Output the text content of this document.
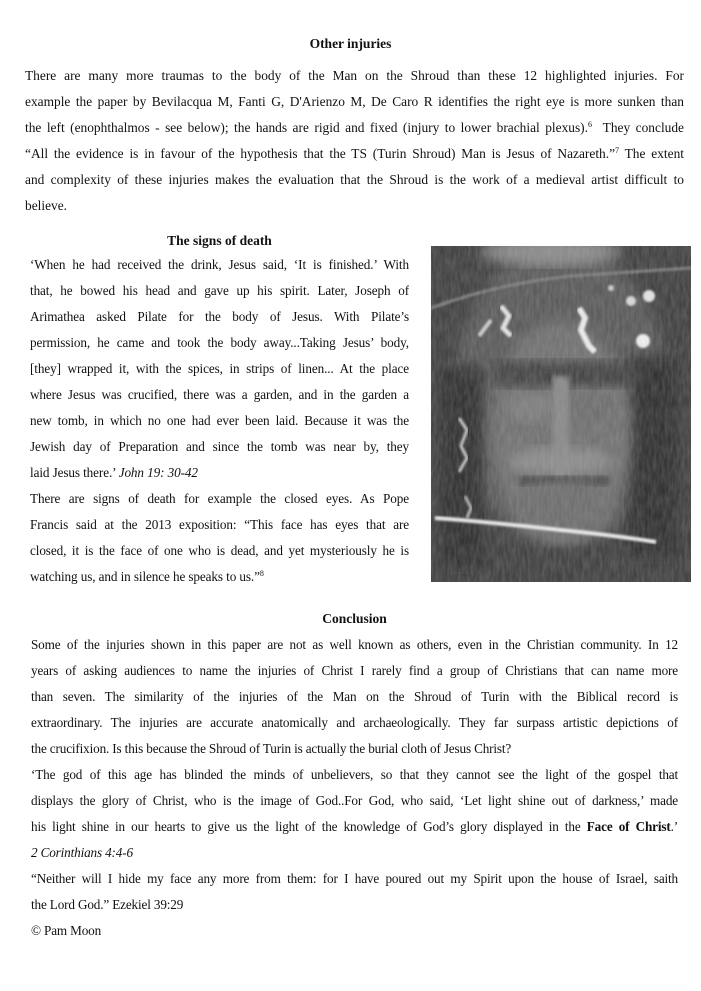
Other injuries
There are many more traumas to the body of the Man on the Shroud than these 12 highlighted injuries. For
example the paper by Bevilacqua M, Fanti G, D'Arienzo M, De Caro R identifies the right eye is more sunken than
the left (enophthalmos - see below); the hands are rigid and fixed (injury to lower brachial plexus).$^6$  They conclude
“All the evidence is in favour of the hypothesis that the TS (Turin Shroud) Man is Jesus of Nazareth.”$^7$ The extent
and complexity of these injuries makes the evaluation that the Shroud is the work of a medieval artist difficult to
believe.
The signs of death
‘When he had received the drink, Jesus said, ‘It is finished.’ With
that, he bowed his head and gave up his spirit. Later, Joseph of
Arimathea asked Pilate for the body of Jesus. With Pilate’s
permission, he came and took the body away...Taking Jesus’ body,
[they] wrapped it, with the spices, in strips of linen... At the place
where Jesus was crucified, there was a garden, and in the garden a
new tomb, in which no one had ever been laid. Because it was the
Jewish day of Preparation and since the tomb was near by, they
laid Jesus there.’ John 19: 30-42
There are signs of death for example the closed eyes. As Pope
Francis said at the 2013 exposition: “This face has eyes that are
closed, it is the face of one who is dead, and yet mysteriously he is
watching us, and in silence he speaks to us.”$^8$
Conclusion
Some of the injuries shown in this paper are not as well known as others, even in the Christian community. In 12
years of asking audiences to name the injuries of Christ I rarely find a group of Christians that can name more
than seven. The similarity of the injuries of the Man on the Shroud of Turin with the Biblical record is
extraordinary. The injuries are accurate anatomically and archaeologically. They far surpass artistic depictions of
the crucifixion. Is this because the Shroud of Turin is actually the burial cloth of Jesus Christ?
‘The god of this age has blinded the minds of unbelievers, so that they cannot see the light of the gospel that
displays the glory of Christ, who is the image of God..For God, who said, ‘Let light shine out of darkness,’ made
his light shine in our hearts to give us the light of the knowledge of God’s glory displayed in the Face of Christ.’
2 Corinthians 4:4-6
“Neither will I hide my face any more from them: for I have poured out my Spirit upon the house of Israel, saith
the Lord God.” Ezekiel 39:29
© Pam Moon
